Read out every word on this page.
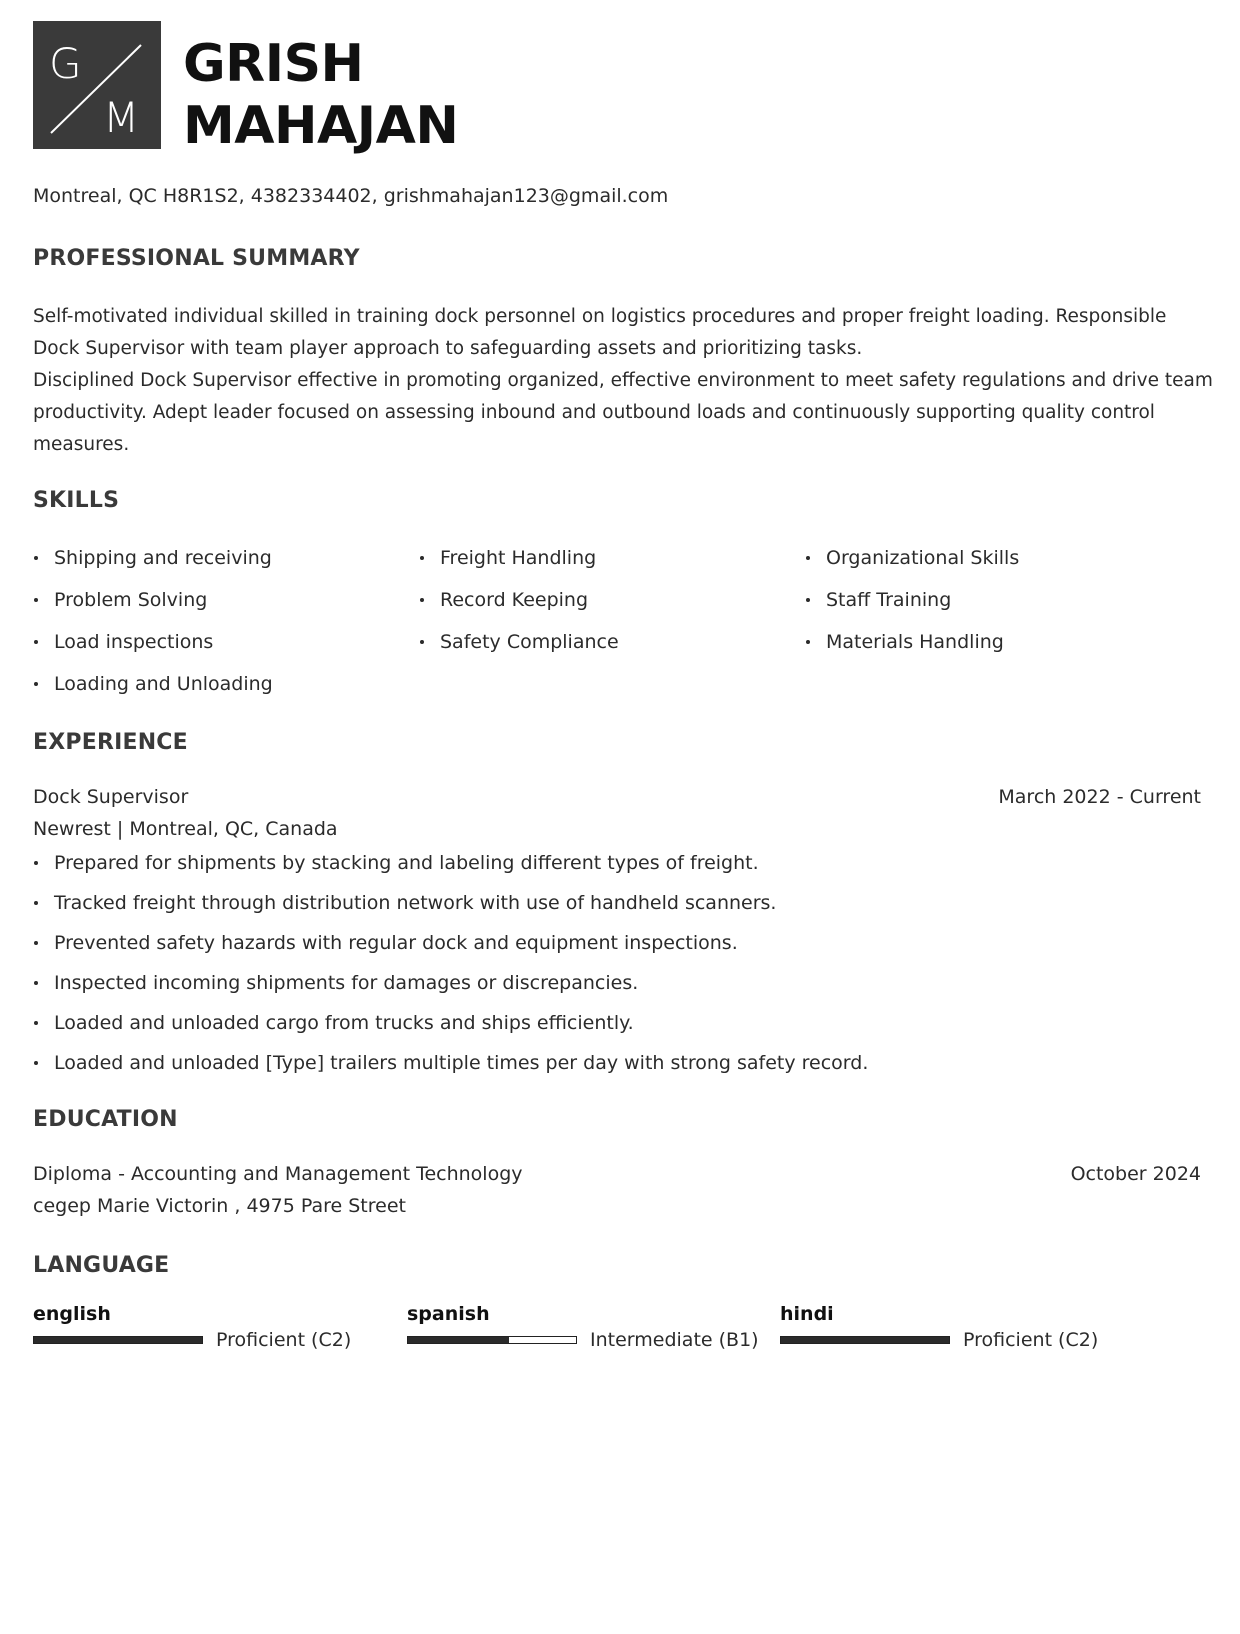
G
M
GRISH
MAHAJAN
Montreal, QC H8R1S2, 4382334402, grishmahajan123@gmail.com
PROFESSIONAL SUMMARY

Self-motivated individual skilled in training dock personnel on logistics procedures and proper freight loading. Responsible Dock Supervisor with team player approach to safeguarding assets and prioritizing tasks.

Disciplined Dock Supervisor effective in promoting organized, effective environment to meet safety regulations and drive team productivity. Adept leader focused on assessing inbound and outbound loads and continuously supporting quality control measures.

SKILLS
Shipping and receiving	Freight Handling	Organizational Skills
Problem Solving	Record Keeping	Staff Training
Load inspections	Safety Compliance	Materials Handling
Loading and Unloading
EXPERIENCE
Dock Supervisor	March 2022 - Current
Newrest | Montreal, QC, Canada
Prepared for shipments by stacking and labeling different types of freight.
Tracked freight through distribution network with use of handheld scanners.
Prevented safety hazards with regular dock and equipment inspections.
Inspected incoming shipments for damages or discrepancies.
Loaded and unloaded cargo from trucks and ships efficiently.
Loaded and unloaded [Type] trailers multiple times per day with strong safety record.
EDUCATION
Diploma - Accounting and Management Technology	October 2024
cegep Marie Victorin , 4975 Pare Street
LANGUAGE
english
Proficient (C2)
spanish
Intermediate (B1)
hindi
Proficient (C2)
